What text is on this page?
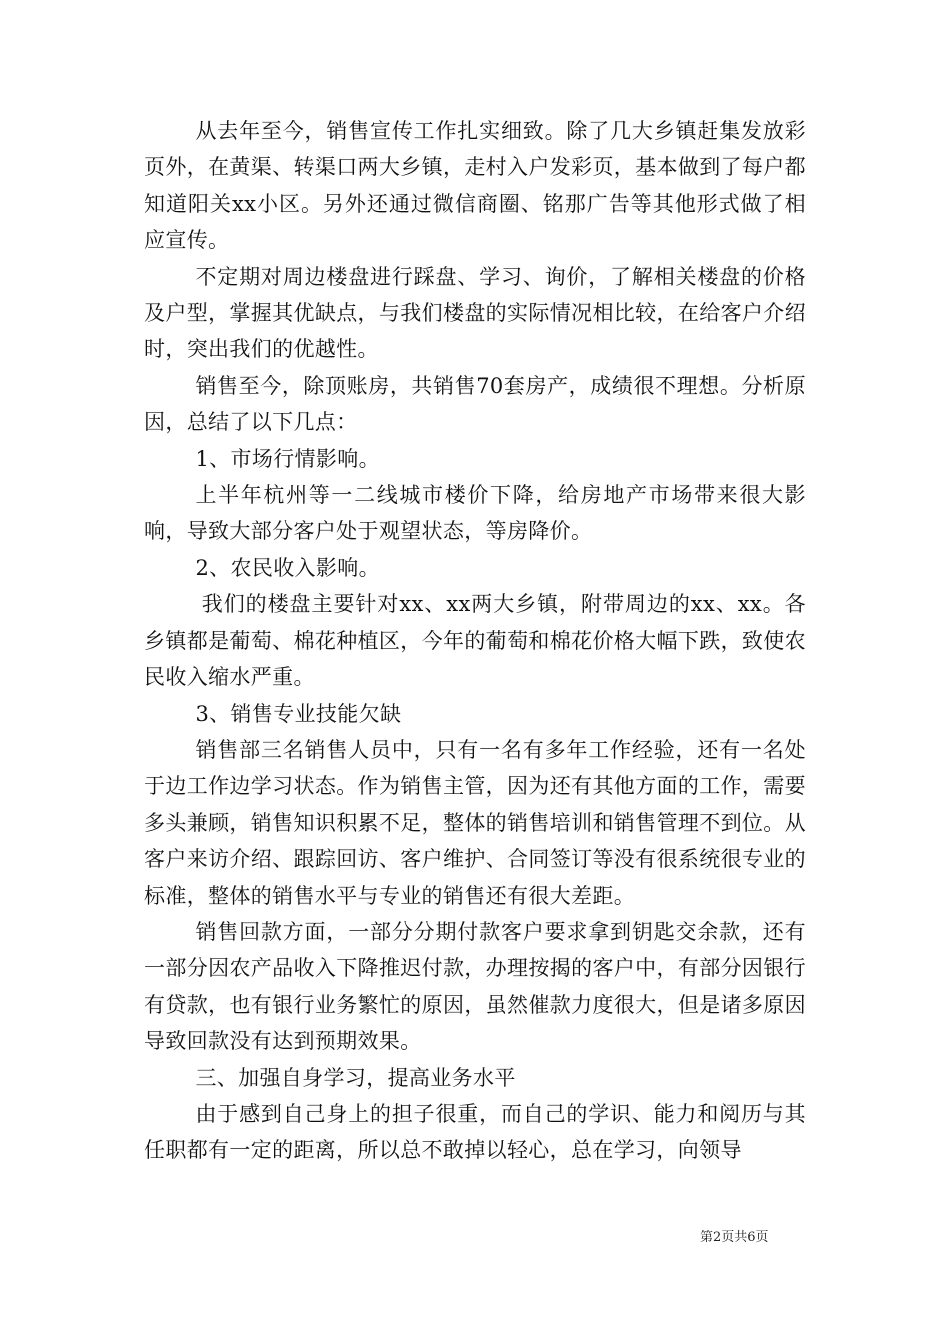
从去年至今，销售宣传工作扎实细致。除了几大乡镇赶集发放彩页外，在黄渠、转渠口两大乡镇，走村入户发彩页，基本做到了每户都知道阳关xx小区。另外还通过微信商圈、铭那广告等其他形式做了相应宣传。

不定期对周边楼盘进行踩盘、学习、询价，了解相关楼盘的价格及户型，掌握其优缺点，与我们楼盘的实际情况相比较，在给客户介绍时，突出我们的优越性。

销售至今，除顶账房，共销售70套房产，成绩很不理想。分析原因，总结了以下几点：

1、市场行情影响。

上半年杭州等一二线城市楼价下降，给房地产市场带来很大影响，导致大部分客户处于观望状态，等房降价。

2、农民收入影响。

我们的楼盘主要针对xx、xx两大乡镇，附带周边的xx、xx。各乡镇都是葡萄、棉花种植区，今年的葡萄和棉花价格大幅下跌，致使农民收入缩水严重。

3、销售专业技能欠缺

销售部三名销售人员中，只有一名有多年工作经验，还有一名处于边工作边学习状态。作为销售主管，因为还有其他方面的工作，需要多头兼顾，销售知识积累不足，整体的销售培训和销售管理不到位。从客户来访介绍、跟踪回访、客户维护、合同签订等没有很系统很专业的标准，整体的销售水平与专业的销售还有很大差距。

销售回款方面，一部分分期付款客户要求拿到钥匙交余款，还有一部分因农产品收入下降推迟付款，办理按揭的客户中，有部分因银行有贷款，也有银行业务繁忙的原因，虽然催款力度很大，但是诸多原因导致回款没有达到预期效果。

三、加强自身学习，提高业务水平

由于感到自己身上的担子很重，而自己的学识、能力和阅历与其任职都有一定的距离，所以总不敢掉以轻心，总在学习，向领导

第2页共6页
